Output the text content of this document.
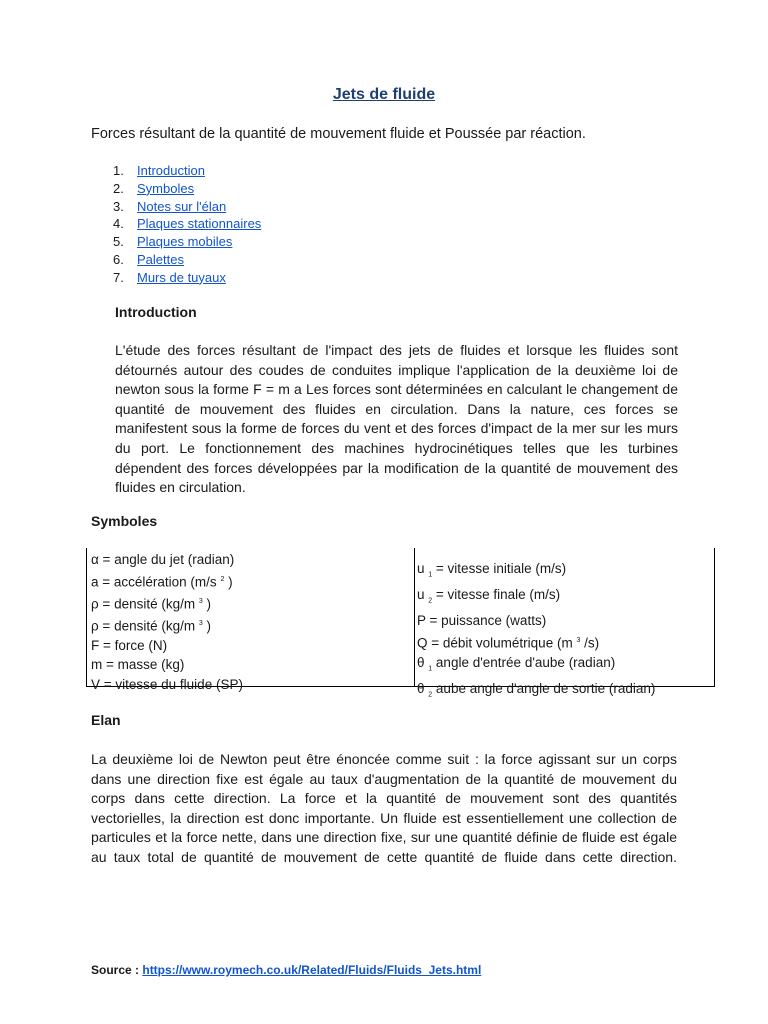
Jets de fluide
Forces résultant de la quantité de mouvement fluide et Poussée par réaction.
1.	Introduction
2.	Symboles
3.	Notes sur l'élan
4.	Plaques stationnaires
5.	Plaques mobiles
6.	Palettes
7.	Murs de tuyaux
Introduction

L'étude des forces résultant de l'impact des jets de fluides et lorsque les fluides sont détournés autour des coudes de conduites implique l'application de la deuxième loi de newton sous la forme F = m a Les forces sont déterminées en calculant le changement de quantité de mouvement des fluides en circulation. Dans la nature, ces forces se manifestent sous la forme de forces du vent et des forces d'impact de la mer sur les murs du port. Le fonctionnement des machines hydrocinétiques telles que les turbines dépendent des forces développées par la modification de la quantité de mouvement des fluides en circulation.

Symboles
α = angle du jet (radian)
a = accélération (m/s $^2$ )
ρ = densité (kg/m $^3$ )
ρ = densité (kg/m $^3$ )
F = force (N)
m = masse (kg)
V = vitesse du fluide (SP)
u $_1$ = vitesse initiale (m/s)
u $_2$ = vitesse finale (m/s)
P = puissance (watts)
Q = débit volumétrique (m $^3$ /s)
θ $_1$ angle d'entrée d'aube (radian)
θ $_2$ aube angle d'angle de sortie (radian)
Elan

La deuxième loi de Newton peut être énoncée comme suit : la force agissant sur un corps dans une direction fixe est égale au taux d'augmentation de la quantité de mouvement du corps dans cette direction. La force et la quantité de mouvement sont des quantités vectorielles, la direction est donc importante. Un fluide est essentiellement une collection de particules et la force nette, dans une direction fixe, sur une quantité définie de fluide est égale au taux total de quantité de mouvement de cette quantité de fluide dans cette direction.

Source : https://www.roymech.co.uk/Related/Fluids/Fluids_Jets.html
